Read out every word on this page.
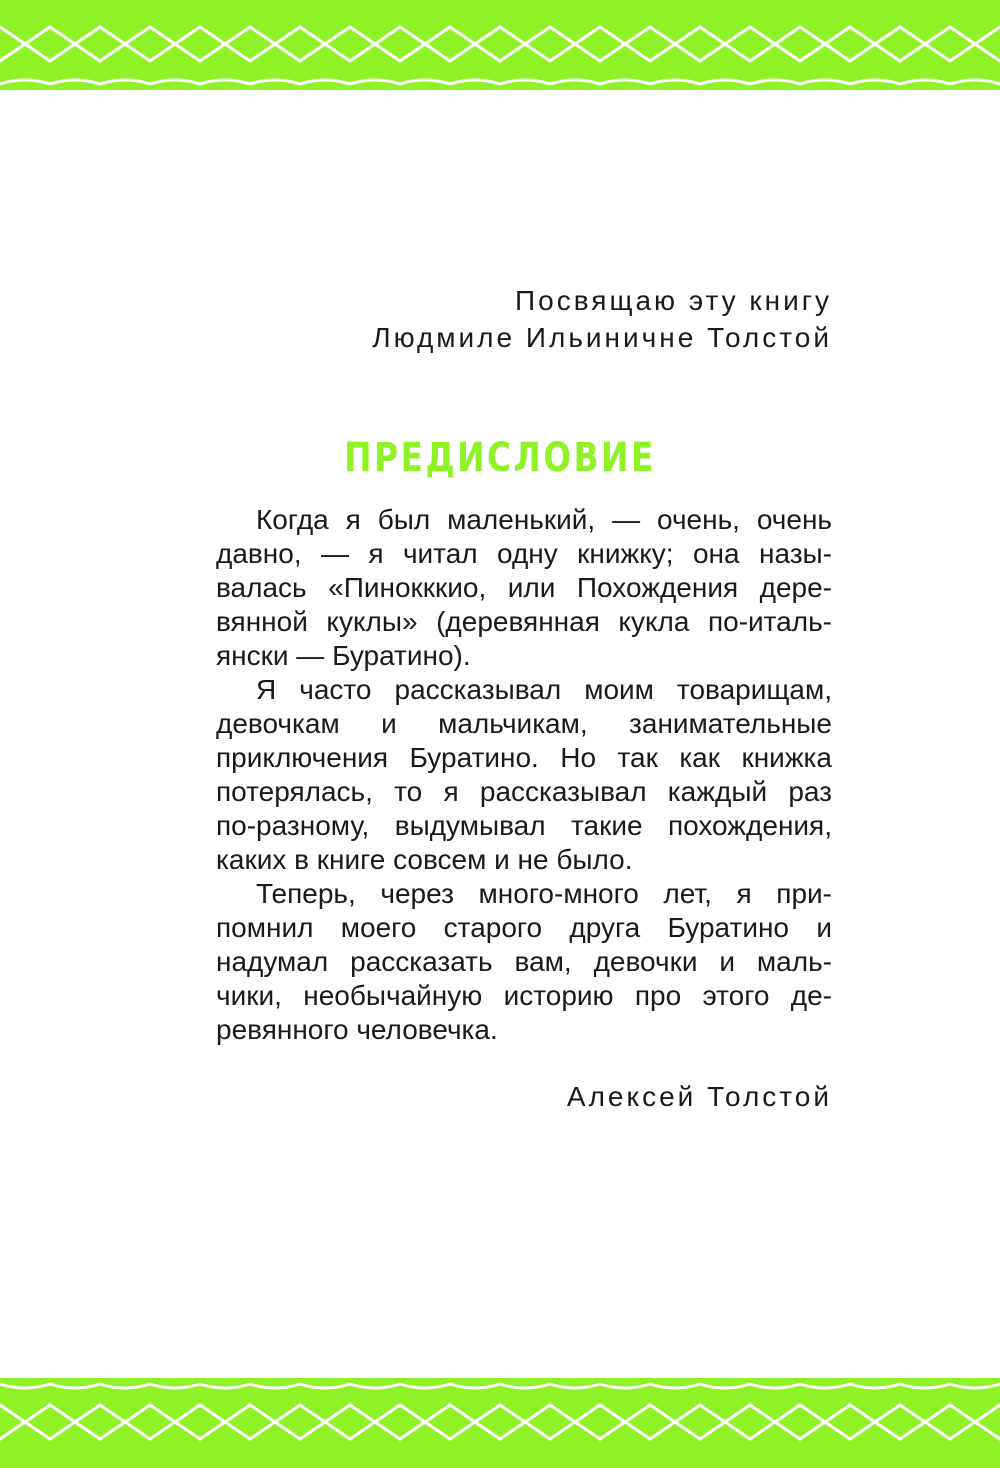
Посвящаю эту книгу
Людмиле Ильиничне Толстой
ПРЕДИСЛОВИЕ
Когда я был маленький, — очень, очень
давно, — я читал одну книжку; она назы-
валась «Пинокккио, или Похождения дере-
вянной куклы» (деревянная кукла по-италь-
янски — Буратино).
Я часто рассказывал моим товарищам,
девочкам и мальчикам, занимательные
приключения Буратино. Но так как книжка
потерялась, то я рассказывал каждый раз
по-разному, выдумывал такие похождения,
каких в книге совсем и не было.
Теперь, через много-много лет, я при-
помнил моего старого друга Буратино и
надумал рассказать вам, девочки и маль-
чики, необычайную историю про этого де-
ревянного человечка.
Алексей Толстой
